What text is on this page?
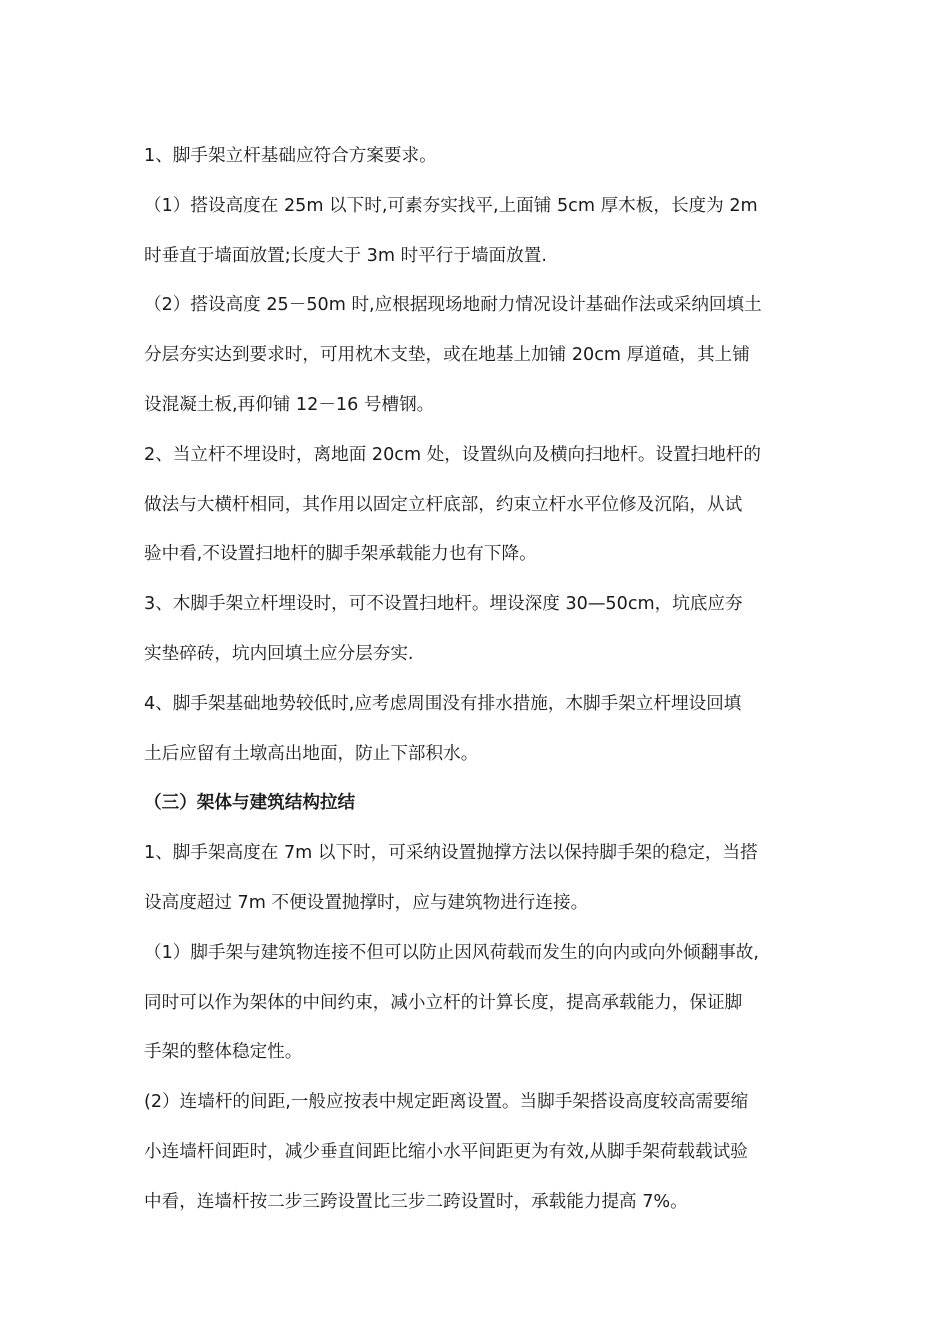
1、脚手架立杆基础应符合方案要求。
（1）搭设高度在 25m 以下时,可素夯实找平,上面铺 5cm 厚木板，长度为 2m
时垂直于墙面放置;长度大于 3m 时平行于墙面放置.
（2）搭设高度 25－50m 时,应根据现场地耐力情况设计基础作法或采纳回填土
分层夯实达到要求时，可用枕木支垫，或在地基上加铺 20cm 厚道碴，其上铺
设混凝土板,再仰铺 12－16 号槽钢。
2、当立杆不埋设时，离地面 20cm 处，设置纵向及横向扫地杆。设置扫地杆的
做法与大横杆相同，其作用以固定立杆底部，约束立杆水平位修及沉陷，从试
验中看,不设置扫地杆的脚手架承载能力也有下降。
3、木脚手架立杆埋设时，可不设置扫地杆。埋设深度 30—50cm，坑底应夯
实垫碎砖，坑内回填土应分层夯实.
4、脚手架基础地势较低时,应考虑周围没有排水措施，木脚手架立杆埋设回填
土后应留有土墩高出地面，防止下部积水。
（三）架体与建筑结构拉结
1、脚手架高度在 7m 以下时，可采纳设置抛撑方法以保持脚手架的稳定，当搭
设高度超过 7m 不便设置抛撑时，应与建筑物进行连接。
（1）脚手架与建筑物连接不但可以防止因风荷载而发生的向内或向外倾翻事故,
同时可以作为架体的中间约束，减小立杆的计算长度，提高承载能力，保证脚
手架的整体稳定性。
(2）连墙杆的间距,一般应按表中规定距离设置。当脚手架搭设高度较高需要缩
小连墙杆间距时，减少垂直间距比缩小水平间距更为有效,从脚手架荷载载试验
中看，连墙杆按二步三跨设置比三步二跨设置时，承载能力提高 7%。
